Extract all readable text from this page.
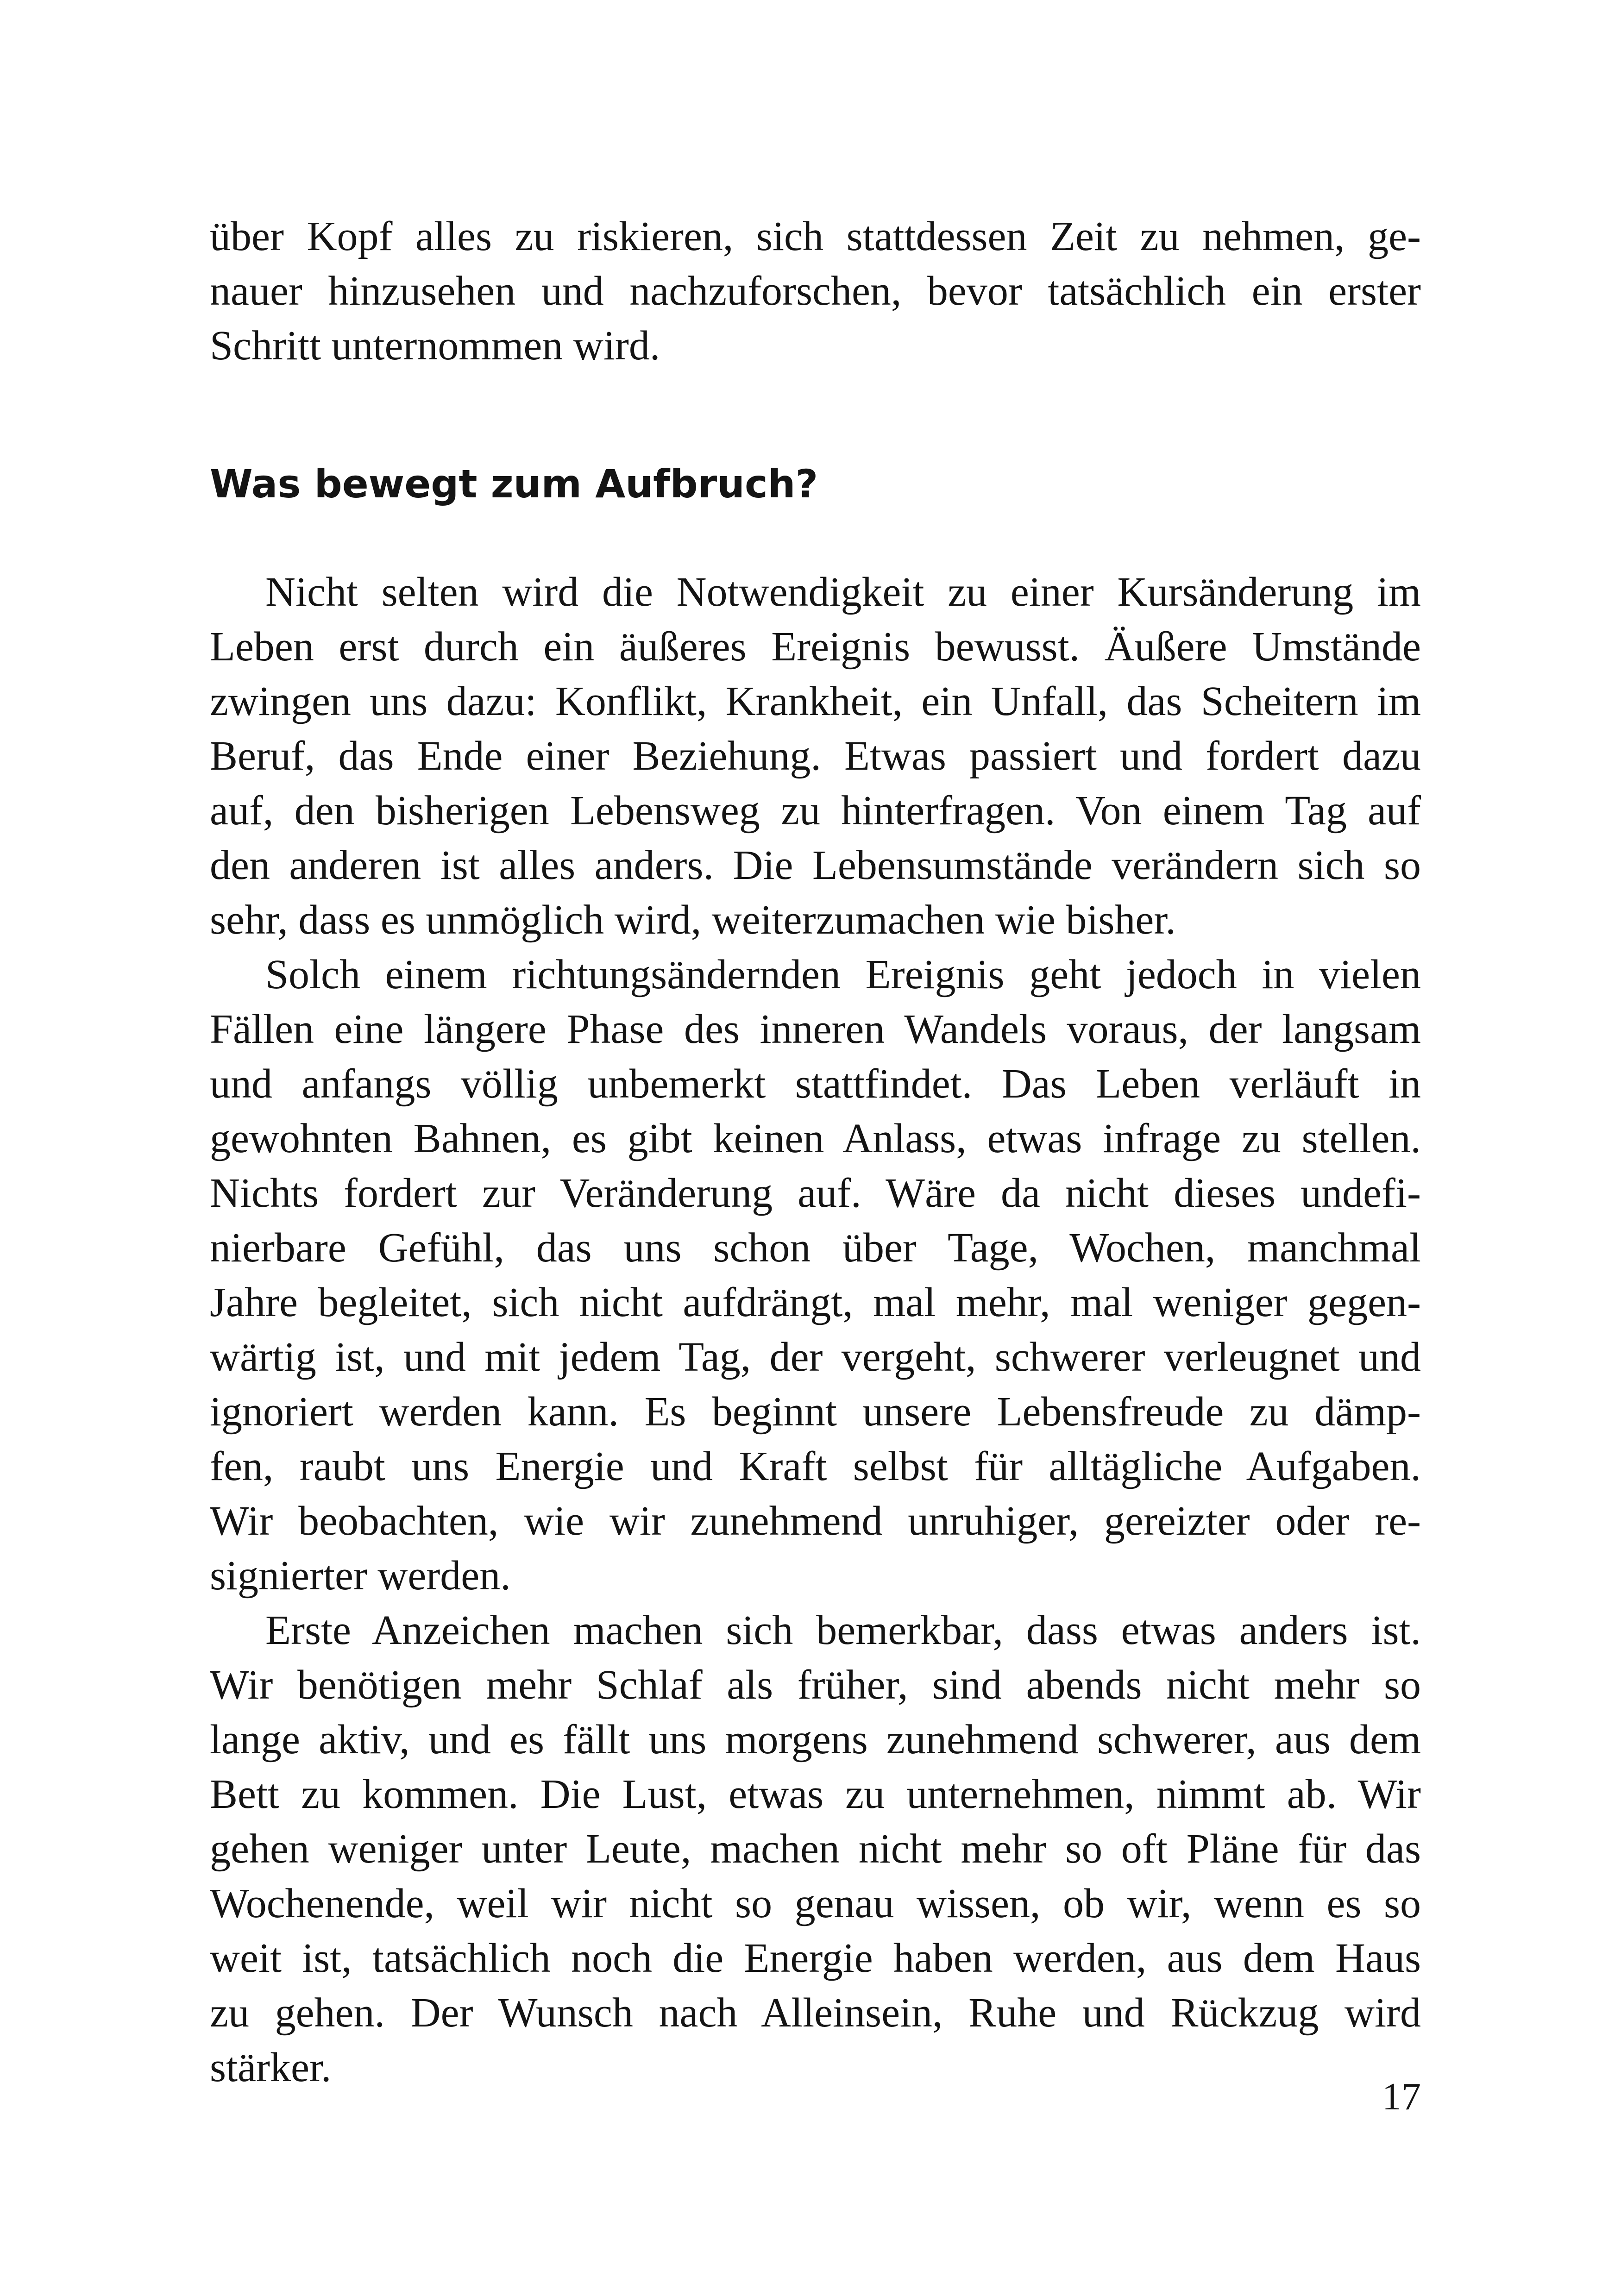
über Kopf alles zu riskieren, sich stattdessen Zeit zu nehmen, ge-
nauer hinzusehen und nachzuforschen, bevor tatsächlich ein erster
Schritt unternommen wird.
Was bewegt zum Aufbruch?
Nicht selten wird die Notwendigkeit zu einer Kursänderung im
Leben erst durch ein äußeres Ereignis bewusst. Äußere Umstände
zwingen uns dazu: Konflikt, Krankheit, ein Unfall, das Scheitern im
Beruf, das Ende einer Beziehung. Etwas passiert und fordert dazu
auf, den bisherigen Lebensweg zu hinterfragen. Von einem Tag auf
den anderen ist alles anders. Die Lebensumstände verändern sich so
sehr, dass es unmöglich wird, weiterzumachen wie bisher.
Solch einem richtungsändernden Ereignis geht jedoch in vielen
Fällen eine längere Phase des inneren Wandels voraus, der langsam
und anfangs völlig unbemerkt stattfindet. Das Leben verläuft in
gewohnten Bahnen, es gibt keinen Anlass, etwas infrage zu stellen.
Nichts fordert zur Veränderung auf. Wäre da nicht dieses undefi-
nierbare Gefühl, das uns schon über Tage, Wochen, manchmal
Jahre begleitet, sich nicht aufdrängt, mal mehr, mal weniger gegen-
wärtig ist, und mit jedem Tag, der vergeht, schwerer verleugnet und
ignoriert werden kann. Es beginnt unsere Lebensfreude zu dämp-
fen, raubt uns Energie und Kraft selbst für alltägliche Aufgaben.
Wir beobachten, wie wir zunehmend unruhiger, gereizter oder re-
signierter werden.
Erste Anzeichen machen sich bemerkbar, dass etwas anders ist.
Wir benötigen mehr Schlaf als früher, sind abends nicht mehr so
lange aktiv, und es fällt uns morgens zunehmend schwerer, aus dem
Bett zu kommen. Die Lust, etwas zu unternehmen, nimmt ab. Wir
gehen weniger unter Leute, machen nicht mehr so oft Pläne für das
Wochenende, weil wir nicht so genau wissen, ob wir, wenn es so
weit ist, tatsächlich noch die Energie haben werden, aus dem Haus
zu gehen. Der Wunsch nach Alleinsein, Ruhe und Rückzug wird
stärker.

17
